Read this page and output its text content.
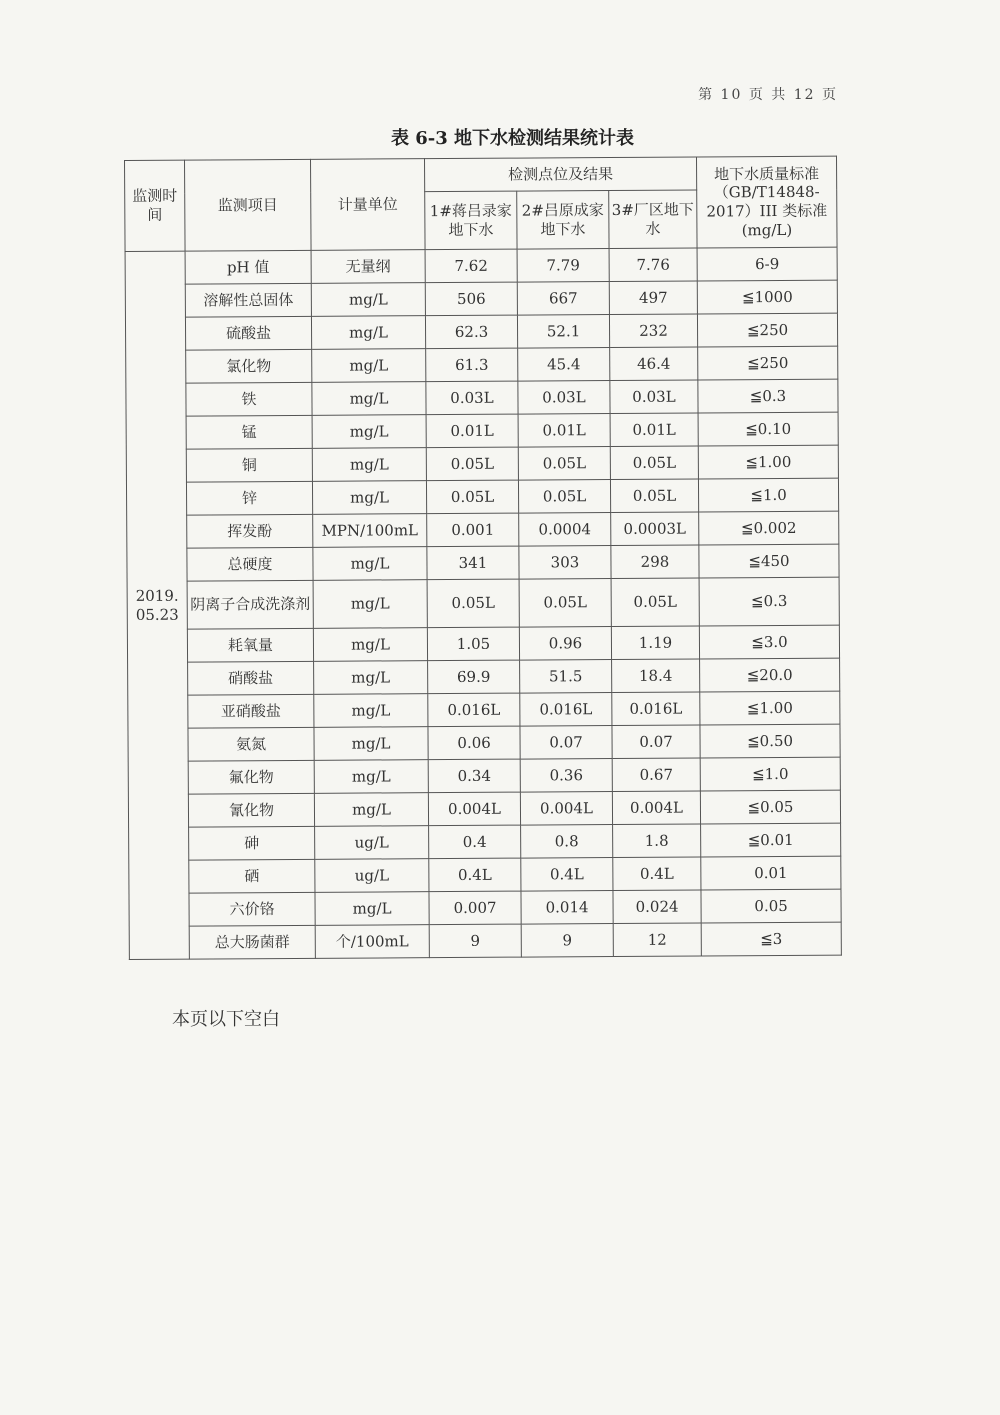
第 10 页 共 12 页
表 6-3 地下水检测结果统计表
监测时间	监测项目	计量单位	检测点位及结果			地下水质量标准（GB/T14848-2017）III 类标准(mg/L)
			1#蒋吕录家地下水	2#吕原成家地下水	3#厂区地下水	
2019. 05.23	pH 值	无量纲	7.62	7.79	7.76	6-9
	溶解性总固体	mg/L	506	667	497	≦1000
	硫酸盐	mg/L	62.3	52.1	232	≦250
	氯化物	mg/L	61.3	45.4	46.4	≦250
	铁	mg/L	0.03L	0.03L	0.03L	≦0.3
	锰	mg/L	0.01L	0.01L	0.01L	≦0.10
	铜	mg/L	0.05L	0.05L	0.05L	≦1.00
	锌	mg/L	0.05L	0.05L	0.05L	≦1.0
	挥发酚	MPN/100mL	0.001	0.0004	0.0003L	≦0.002
	总硬度	mg/L	341	303	298	≦450
	阴离子合成洗涤剂	mg/L	0.05L	0.05L	0.05L	≦0.3
	耗氧量	mg/L	1.05	0.96	1.19	≦3.0
	硝酸盐	mg/L	69.9	51.5	18.4	≦20.0
	亚硝酸盐	mg/L	0.016L	0.016L	0.016L	≦1.00
	氨氮	mg/L	0.06	0.07	0.07	≦0.50
	氟化物	mg/L	0.34	0.36	0.67	≦1.0
	氰化物	mg/L	0.004L	0.004L	0.004L	≦0.05
	砷	ug/L	0.4	0.8	1.8	≦0.01
	硒	ug/L	0.4L	0.4L	0.4L	0.01
	六价铬	mg/L	0.007	0.014	0.024	0.05
	总大肠菌群	个/100mL	9	9	12	≦3
本页以下空白
